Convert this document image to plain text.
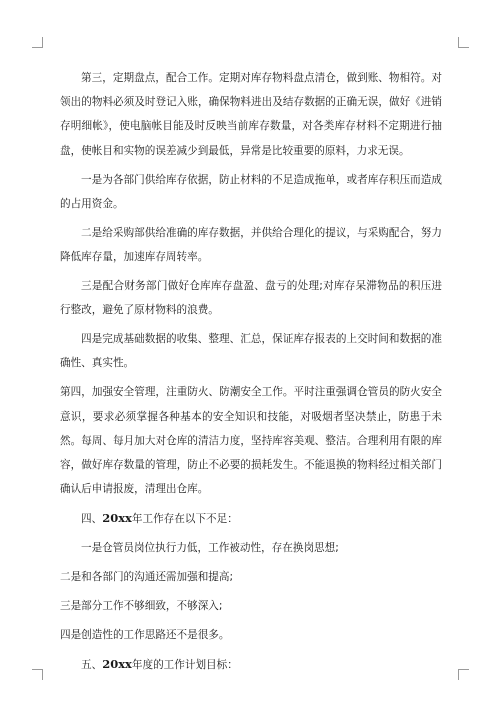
第三，定期盘点，配合工作。定期对库存物料盘点清仓，做到账、物相符。对领出的物料必须及时登记入账，确保物料进出及结存数据的正确无误，做好《进销存明细帐》，使电脑帐目能及时反映当前库存数量，对各类库存材料不定期进行抽盘，使帐目和实物的误差减少到最低，异常是比较重要的原料，力求无误。

一是为各部门供给库存依据，防止材料的不足造成拖单，或者库存积压而造成的占用资金。

二是给采购部供给准确的库存数据，并供给合理化的提议，与采购配合，努力降低库存量，加速库存周转率。

三是配合财务部门做好仓库库存盘盈、盘亏的处理;对库存呆滞物品的积压进行整改，避免了原材物料的浪费。

四是完成基础数据的收集、整理、汇总，保证库存报表的上交时间和数据的准确性、真实性。

第四，加强安全管理，注重防火、防潮安全工作。平时注重强调仓管员的防火安全意识，要求必须掌握各种基本的安全知识和技能，对吸烟者坚决禁止，防患于未然。每周、每月加大对仓库的清洁力度，坚持库容美观、整洁。合理利用有限的库容，做好库存数量的管理，防止不必要的损耗发生。不能退换的物料经过相关部门确认后申请报废，清理出仓库。

四、20xx年工作存在以下不足：

一是仓管员岗位执行力低，工作被动性，存在换岗思想;

二是和各部门的沟通还需加强和提高;

三是部分工作不够细致，不够深入;

四是创造性的工作思路还不是很多。

五、20xx年度的工作计划目标：
